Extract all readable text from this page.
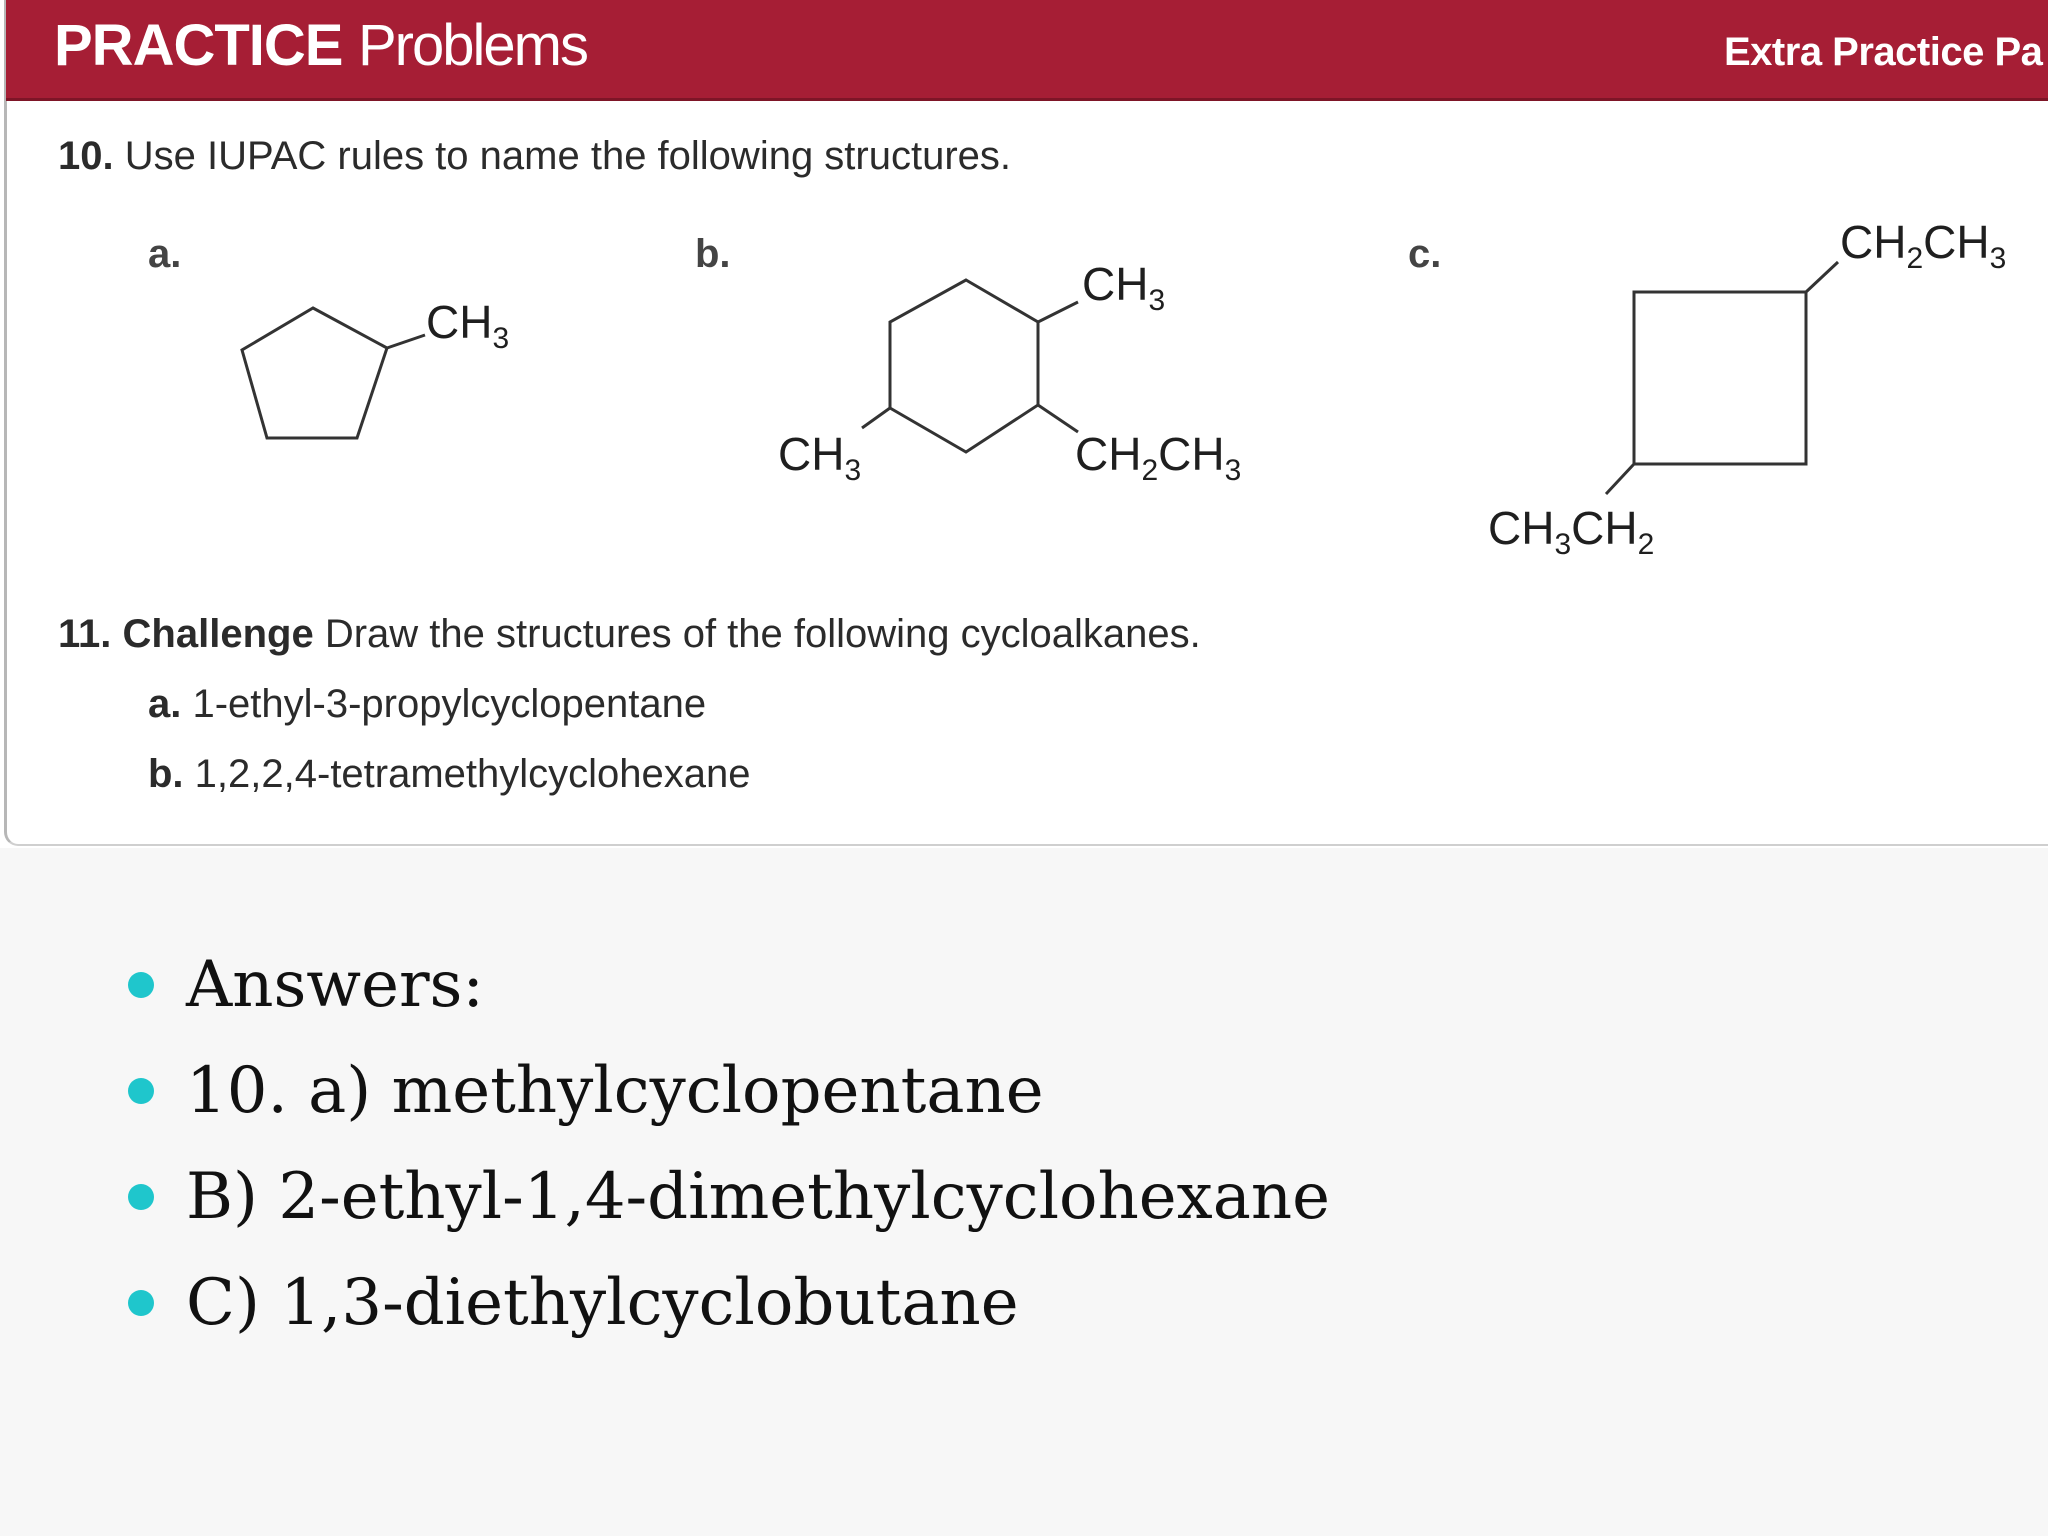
PRACTICE Problems	Extra Practice Pa
10. Use IUPAC rules to name the following structures.
a.	b.	c.
$CH_3$
$CH_3$
$CH_3$	$CH_2CH_3$
$CH_2CH_3$
$CH_3CH_2$
11. Challenge Draw the structures of the following cycloalkanes.
a. 1-ethyl-3-propylcyclopentane
b. 1,2,2,4-tetramethylcyclohexane
Answers:
10. a) methylcyclopentane
B) 2-ethyl-1,4-dimethylcyclohexane
C) 1,3-diethylcyclobutane
